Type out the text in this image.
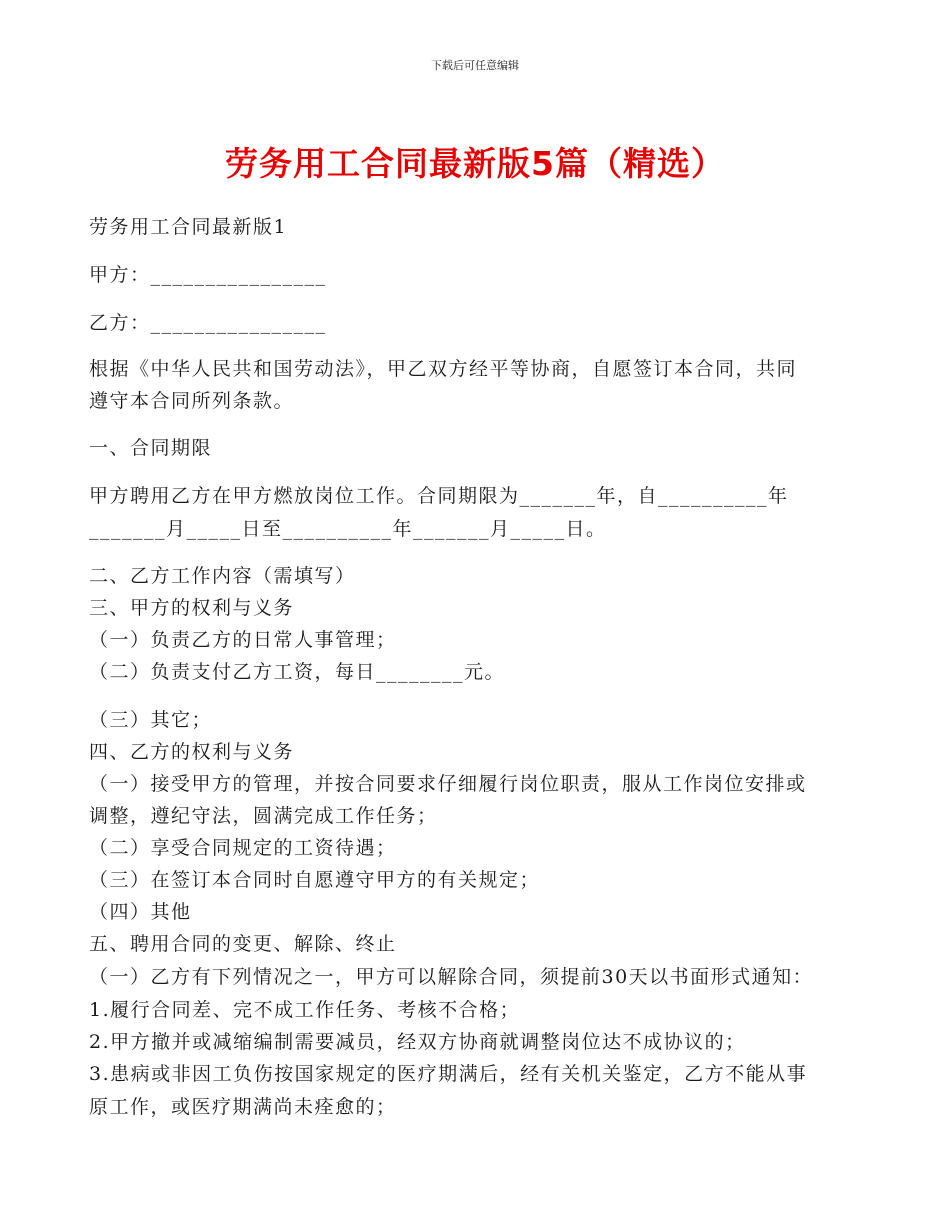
下载后可任意编辑
劳务用工合同最新版5篇（精选）
劳务用工合同最新版1
甲方：________________
乙方：________________
根据《中华人民共和国劳动法》，甲乙双方经平等协商，自愿签订本合同，共同
遵守本合同所列条款。
一、合同期限
甲方聘用乙方在甲方燃放岗位工作。合同期限为_______年，自__________年
_______月_____日至__________年_______月_____日。
二、乙方工作内容（需填写）
三、甲方的权利与义务
（一）负责乙方的日常人事管理；
（二）负责支付乙方工资，每日________元。
（三）其它；
四、乙方的权利与义务
（一）接受甲方的管理，并按合同要求仔细履行岗位职责，服从工作岗位安排或
调整，遵纪守法，圆满完成工作任务；
（二）享受合同规定的工资待遇；
（三）在签订本合同时自愿遵守甲方的有关规定；
（四）其他
五、聘用合同的变更、解除、终止
（一）乙方有下列情况之一，甲方可以解除合同，须提前30天以书面形式通知：
1.履行合同差、完不成工作任务、考核不合格；
2.甲方撤并或减缩编制需要减员，经双方协商就调整岗位达不成协议的；
3.患病或非因工负伤按国家规定的医疗期满后，经有关机关鉴定，乙方不能从事
原工作，或医疗期满尚未痊愈的；
